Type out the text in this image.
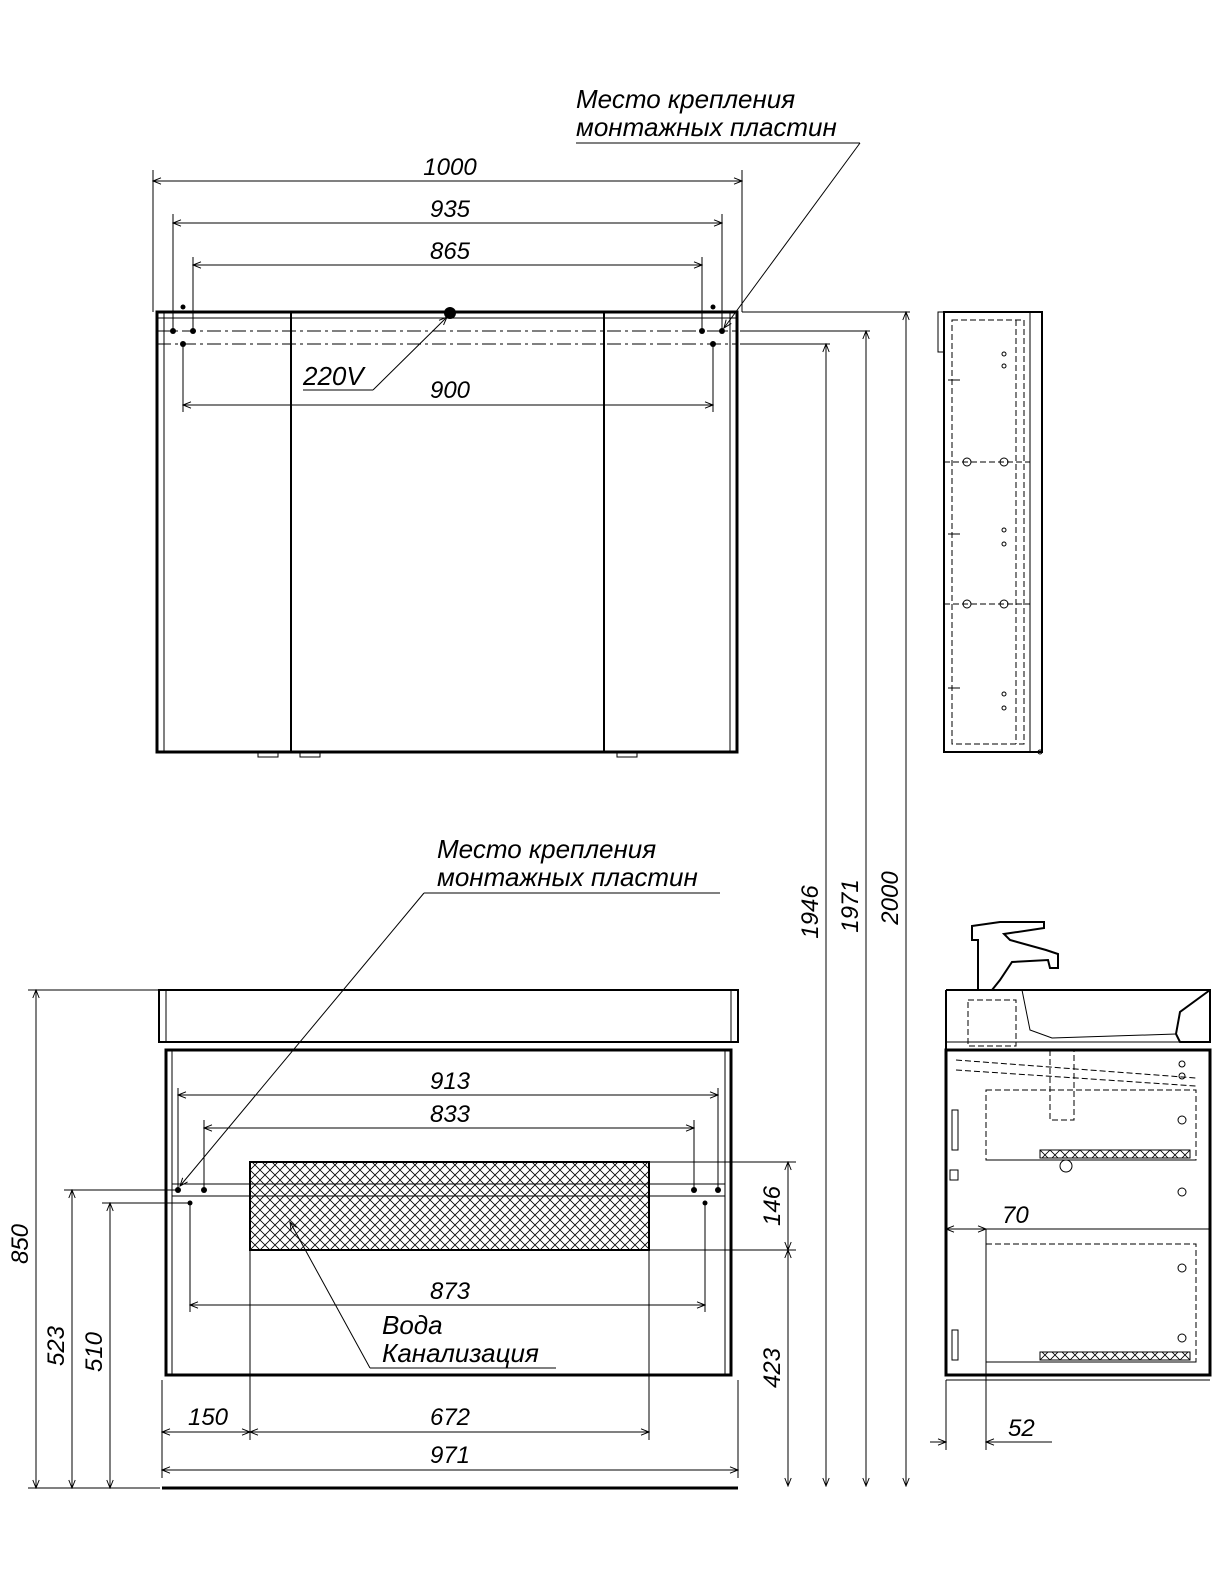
1000
935
865
900
220V
Место крепления
монтажных пластин
1946 1971 2000
913
833
873
146
423
150	672
971
850
523 510
Место крепления
монтажных пластин
Вода
Канализация
70
52
